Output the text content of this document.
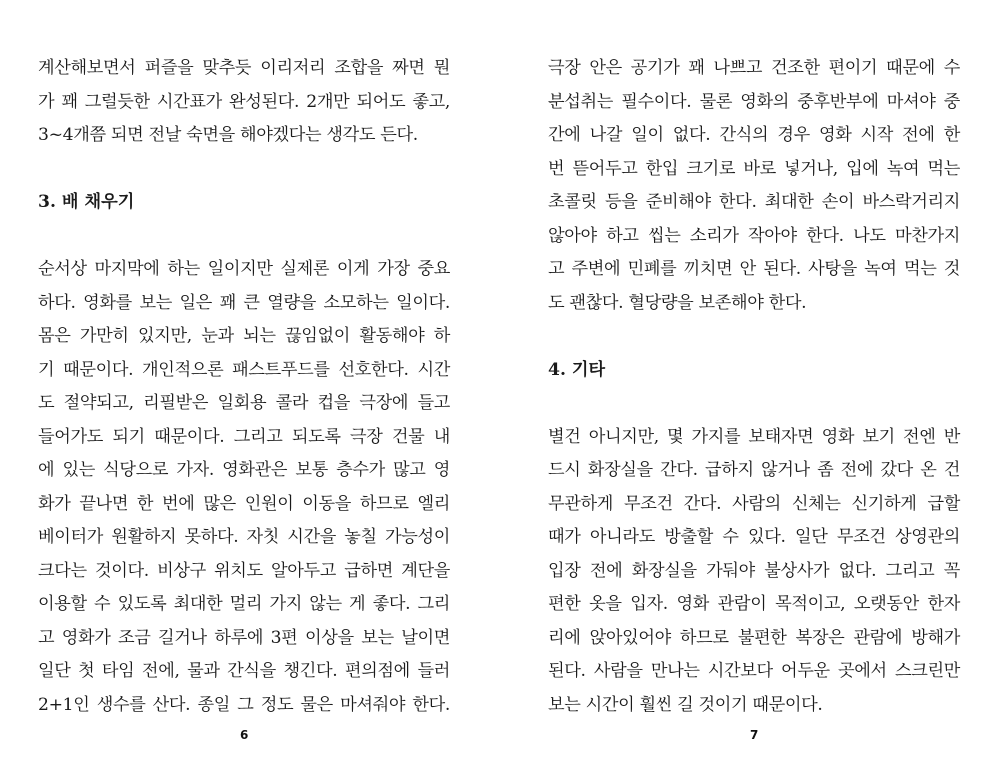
계산해보면서 퍼즐을 맞추듯 이리저리 조합을 짜면 뭔
가 꽤 그럴듯한 시간표가 완성된다. 2개만 되어도 좋고,
3~4개쯤 되면 전날 숙면을 해야겠다는 생각도 든다.
3. 배 채우기
순서상 마지막에 하는 일이지만 실제론 이게 가장 중요
하다. 영화를 보는 일은 꽤 큰 열량을 소모하는 일이다.
몸은 가만히 있지만, 눈과 뇌는 끊임없이 활동해야 하
기 때문이다. 개인적으론 패스트푸드를 선호한다. 시간
도 절약되고, 리필받은 일회용 콜라 컵을 극장에 들고
들어가도 되기 때문이다. 그리고 되도록 극장 건물 내
에 있는 식당으로 가자. 영화관은 보통 층수가 많고 영
화가 끝나면 한 번에 많은 인원이 이동을 하므로 엘리
베이터가 원활하지 못하다. 자칫 시간을 놓칠 가능성이
크다는 것이다. 비상구 위치도 알아두고 급하면 계단을
이용할 수 있도록 최대한 멀리 가지 않는 게 좋다. 그리
고 영화가 조금 길거나 하루에 3편 이상을 보는 날이면
일단 첫 타임 전에, 물과 간식을 챙긴다. 편의점에 들러
2+1인 생수를 산다. 종일 그 정도 물은 마셔줘야 한다.
6
극장 안은 공기가 꽤 나쁘고 건조한 편이기 때문에 수
분섭취는 필수이다. 물론 영화의 중후반부에 마셔야 중
간에 나갈 일이 없다. 간식의 경우 영화 시작 전에 한
번 뜯어두고 한입 크기로 바로 넣거나, 입에 녹여 먹는
초콜릿 등을 준비해야 한다. 최대한 손이 바스락거리지
않아야 하고 씹는 소리가 작아야 한다. 나도 마찬가지
고 주변에 민폐를 끼치면 안 된다. 사탕을 녹여 먹는 것
도 괜찮다. 혈당량을 보존해야 한다.
4. 기타
별건 아니지만, 몇 가지를 보태자면 영화 보기 전엔 반
드시 화장실을 간다. 급하지 않거나 좀 전에 갔다 온 건
무관하게 무조건 간다. 사람의 신체는 신기하게 급할
때가 아니라도 방출할 수 있다. 일단 무조건 상영관의
입장 전에 화장실을 가둬야 불상사가 없다. 그리고 꼭
편한 옷을 입자. 영화 관람이 목적이고, 오랫동안 한자
리에 앉아있어야 하므로 불편한 복장은 관람에 방해가
된다. 사람을 만나는 시간보다 어두운 곳에서 스크린만
보는 시간이 훨씬 길 것이기 때문이다.
7
